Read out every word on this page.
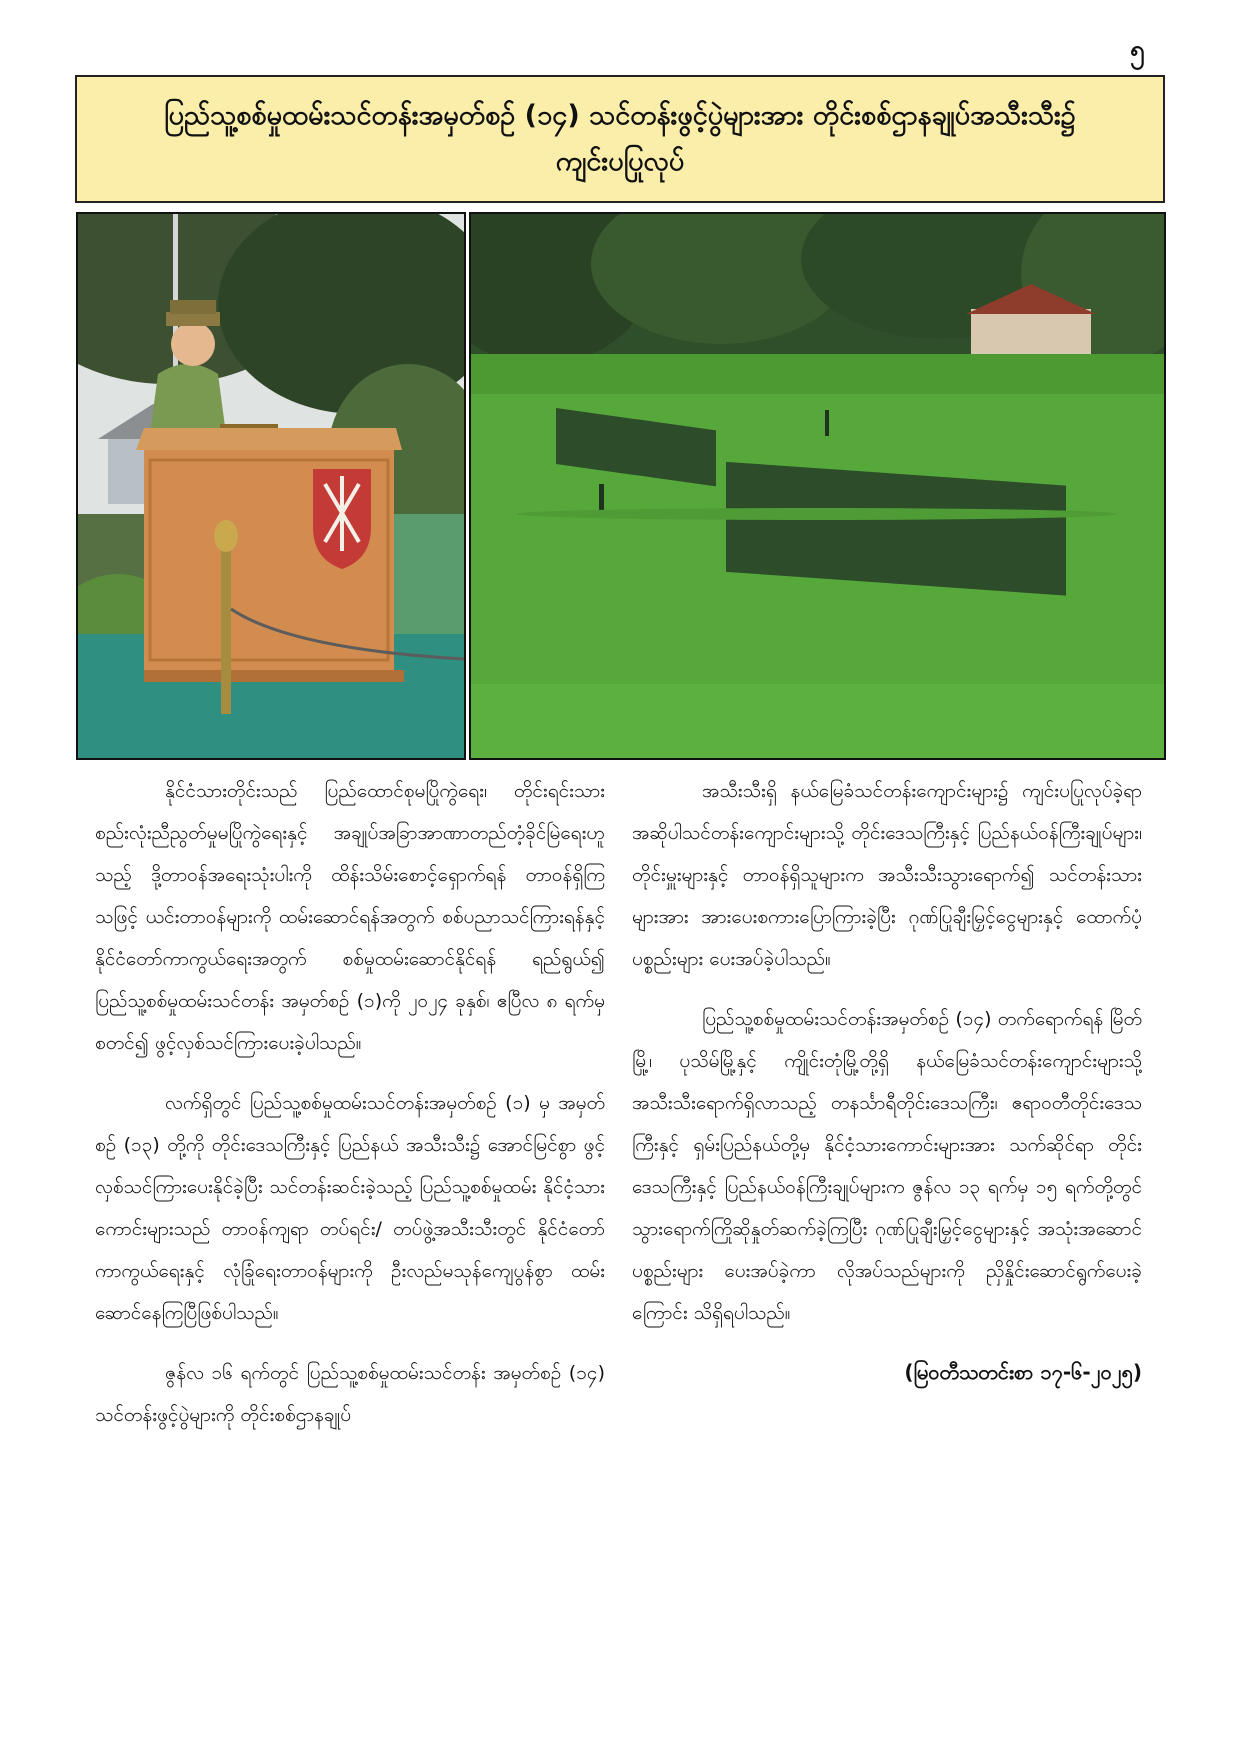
၅
ပြည်သူ့စစ်မှုထမ်းသင်တန်းအမှတ်စဉ် (၁၄) သင်တန်းဖွင့်ပွဲများအား တိုင်းစစ်ဌာနချုပ်အသီးသီး၌
ကျင်းပပြုလုပ်

နိုင်ငံသားတိုင်းသည် ပြည်ထောင်စုမပြိုကွဲရေး၊ တိုင်းရင်းသားစည်းလုံးညီညွတ်မှုမပြိုကွဲရေးနှင့် အချုပ်အခြာအာဏာတည်တံ့ခိုင်မြဲရေးဟူသည့် ဒို့တာဝန်အရေးသုံးပါးကို ထိန်းသိမ်းစောင့်ရှောက်ရန် တာဝန်ရှိကြသဖြင့် ယင်းတာဝန်များကို ထမ်းဆောင်ရန်အတွက် စစ်ပညာသင်ကြားရန်နှင့် နိုင်ငံတော်ကာကွယ်ရေးအတွက် စစ်မှုထမ်းဆောင်နိုင်ရန် ရည်ရွယ်၍ ပြည်သူ့စစ်မှုထမ်းသင်တန်း အမှတ်စဉ် (၁)ကို ၂၀၂၄ ခုနှစ်၊ ဧပြီလ ၈ ရက်မှစတင်၍ ဖွင့်လှစ်သင်ကြားပေးခဲ့ပါသည်။

လက်ရှိတွင် ပြည်သူ့စစ်မှုထမ်းသင်တန်းအမှတ်စဉ် (၁) မှ အမှတ်စဉ် (၁၃) တို့ကို တိုင်းဒေသကြီးနှင့် ပြည်နယ် အသီးသီး၌ အောင်မြင်စွာ ဖွင့်လှစ်သင်ကြားပေးနိုင်ခဲ့ပြီး သင်တန်းဆင်းခဲ့သည့် ပြည်သူ့စစ်မှုထမ်း နိုင်ငံ့သားကောင်းများသည် တာဝန်ကျရာ တပ်ရင်း/ တပ်ဖွဲ့အသီးသီးတွင် နိုင်ငံတော် ကာကွယ်ရေးနှင့် လုံခြုံရေးတာဝန်များကို ဦးလည်မသုန်ကျေပွန်စွာ ထမ်းဆောင်နေကြပြီဖြစ်ပါသည်။

ဇွန်လ ၁၆ ရက်တွင် ပြည်သူ့စစ်မှုထမ်းသင်တန်း အမှတ်စဉ် (၁၄) သင်တန်းဖွင့်ပွဲများကို တိုင်းစစ်ဌာနချုပ်

အသီးသီးရှိ နယ်မြေခံသင်တန်းကျောင်းများ၌ ကျင်းပပြုလုပ်ခဲ့ရာ အဆိုပါသင်တန်းကျောင်းများသို့ တိုင်းဒေသကြီးနှင့် ပြည်နယ်ဝန်ကြီးချုပ်များ၊ တိုင်းမှူးများနှင့် တာဝန်ရှိသူများက အသီးသီးသွားရောက်၍ သင်တန်းသားများအား အားပေးစကားပြောကြားခဲ့ပြီး ဂုဏ်ပြုချီးမြှင့်ငွေများနှင့် ထောက်ပံ့ပစ္စည်းများ ပေးအပ်ခဲ့ပါသည်။

ပြည်သူ့စစ်မှုထမ်းသင်တန်းအမှတ်စဉ် (၁၄) တက်ရောက်ရန် မြိတ်မြို့၊ ပုသိမ်မြို့နှင့် ကျိုင်းတုံမြို့တို့ရှိ နယ်မြေခံသင်တန်းကျောင်းများသို့ အသီးသီးရောက်ရှိလာသည့် တနင်္သာရီတိုင်းဒေသကြီး၊ ဧရာဝတီတိုင်းဒေသကြီးနှင့် ရှမ်းပြည်နယ်တို့မှ နိုင်ငံ့သားကောင်းများအား သက်ဆိုင်ရာ တိုင်းဒေသကြီးနှင့် ပြည်နယ်ဝန်ကြီးချုပ်များက ဇွန်လ ၁၃ ရက်မှ ၁၅ ရက်တို့တွင် သွားရောက်ကြိုဆိုနှုတ်ဆက်ခဲ့ကြပြီး ဂုဏ်ပြုချီးမြှင့်ငွေများနှင့် အသုံးအဆောင်ပစ္စည်းများ ပေးအပ်ခဲ့ကာ လိုအပ်သည်များကို ညှိနှိုင်းဆောင်ရွက်ပေးခဲ့ကြောင်း သိရှိရပါသည်။

(မြဝတီသတင်းစာ ၁၇-၆-၂၀၂၅)
